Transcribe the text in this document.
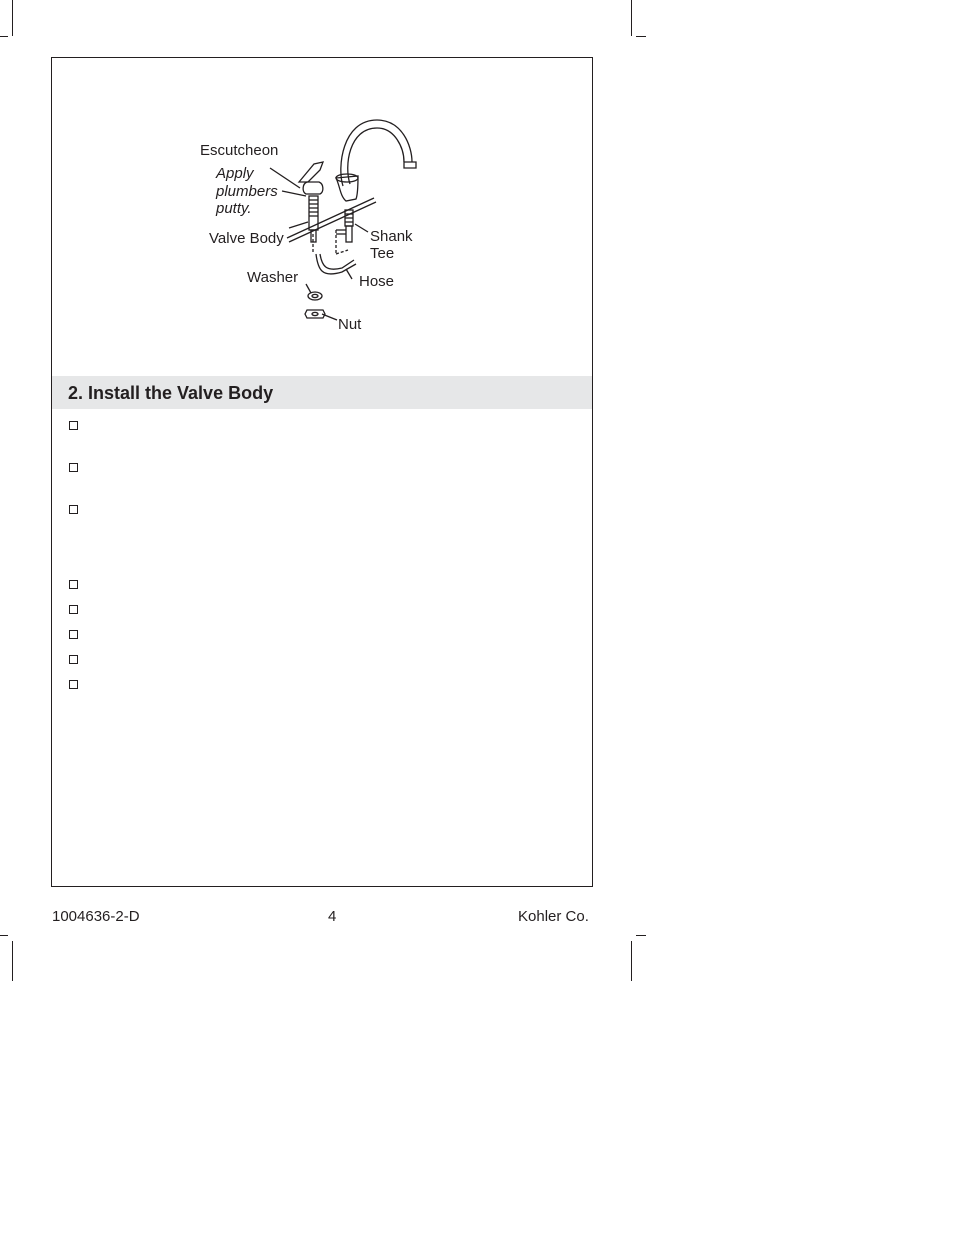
Escutcheon
Apply
plumbers
putty.
Valve Body	Shank
Tee
Washer	Hose
Nut
2. Install the Valve Body
1004636-2-D	4	Kohler Co.
